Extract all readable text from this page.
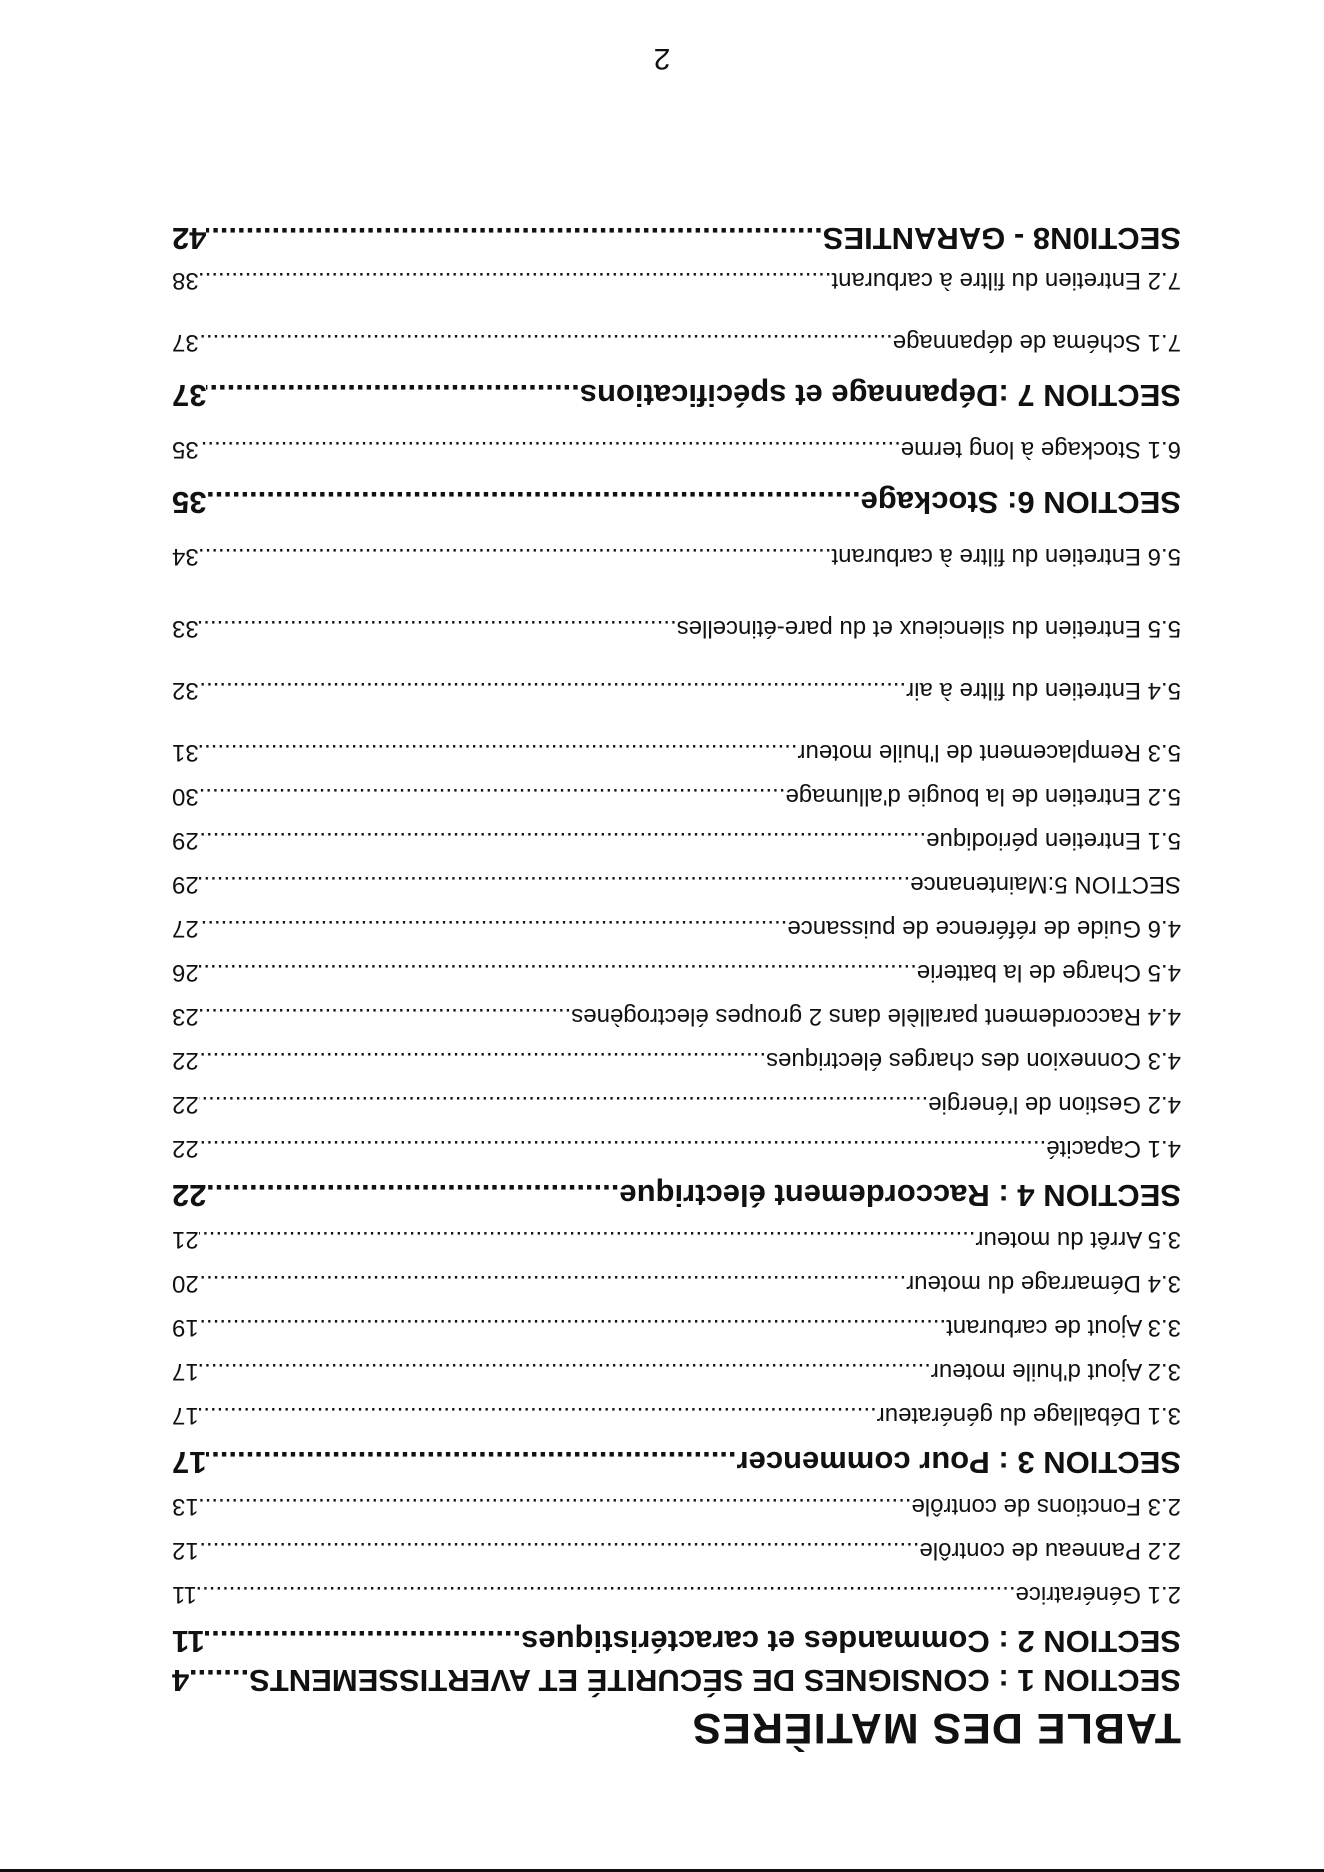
TABLE DES MATIÈRES
SECTION 1 : CONSIGNES DE SÉCURITÉ ET AVERTISSEMENTS
.....
4
SECTION 2 : Commandes et caractéristiques
.....
11
2.1 Génératrice
.....
11
2.2 Panneau de contrôle
.....
12
2.3 Fonctions de contrôle
.....
13
SECTION 3 : Pour commencer
.....
17
3.1 Déballage du générateur
.....
17
3.2 Ajout d'huile moteur
.....
17
3.3 Ajout de carburant
.....
19
3.4 Démarrage du moteur
.....
20
3.5 Arrêt du moteur
.....
21
SECTION 4 : Raccordement électrique
.....
22
4.1 Capacité
.....
22
4.2 Gestion de l'énergie
.....
22
4.3 Connexion des charges électriques
.....
22
4.4 Raccordement parallèle dans 2 groupes électrogènes
.....
23
4.5 Charge de la batterie
.....
26
4.6 Guide de référence de puissance
.....
27
SECTION 5:Maintenance
.....
29
5.1 Entretien périodique
.....
29
5.2 Entretien de la bougie d'allumage
.....
30
5.3 Remplacement de l'huile moteur
.....
31
5.4 Entretien du filtre à air
.....
32
5.5 Entretien du silencieux et du pare-étincelles
.....
33
5.6 Entretien du filtre à carburant
.....
34
SECTION 6: Stockage
.....
35
6.1 Stockage à long terme
.....
35
SECTION 7 :Dépannage et spécifications
.....
37
7.1 Schéma de dépannage
.....
37
7.2 Entretien du filtre à carburant
.....
38
SECTI0N8 - GARANTIES
.....
42
2
